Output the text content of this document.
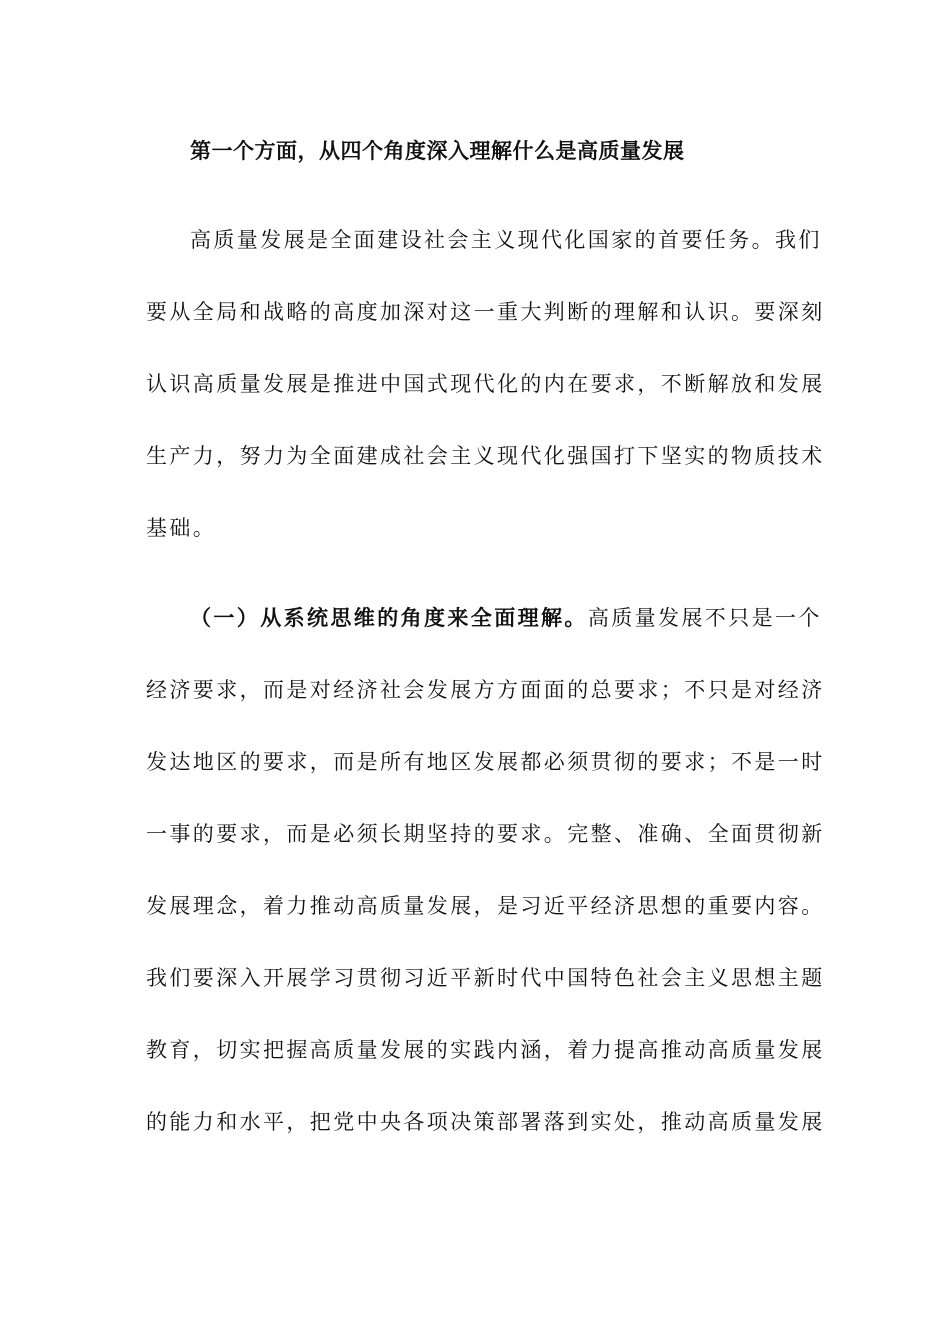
第一个方面，从四个角度深入理解什么是高质量发展
高质量发展是全面建设社会主义现代化国家的首要任务。我们
要从全局和战略的高度加深对这一重大判断的理解和认识。要深刻
认识高质量发展是推进中国式现代化的内在要求，不断解放和发展
生产力，努力为全面建成社会主义现代化强国打下坚实的物质技术
基础。
（一）从系统思维的角度来全面理解。高质量发展不只是一个
经济要求，而是对经济社会发展方方面面的总要求；不只是对经济
发达地区的要求，而是所有地区发展都必须贯彻的要求；不是一时
一事的要求，而是必须长期坚持的要求。完整、准确、全面贯彻新
发展理念，着力推动高质量发展，是习近平经济思想的重要内容。
我们要深入开展学习贯彻习近平新时代中国特色社会主义思想主题
教育，切实把握高质量发展的实践内涵，着力提高推动高质量发展
的能力和水平，把党中央各项决策部署落到实处，推动高质量发展
